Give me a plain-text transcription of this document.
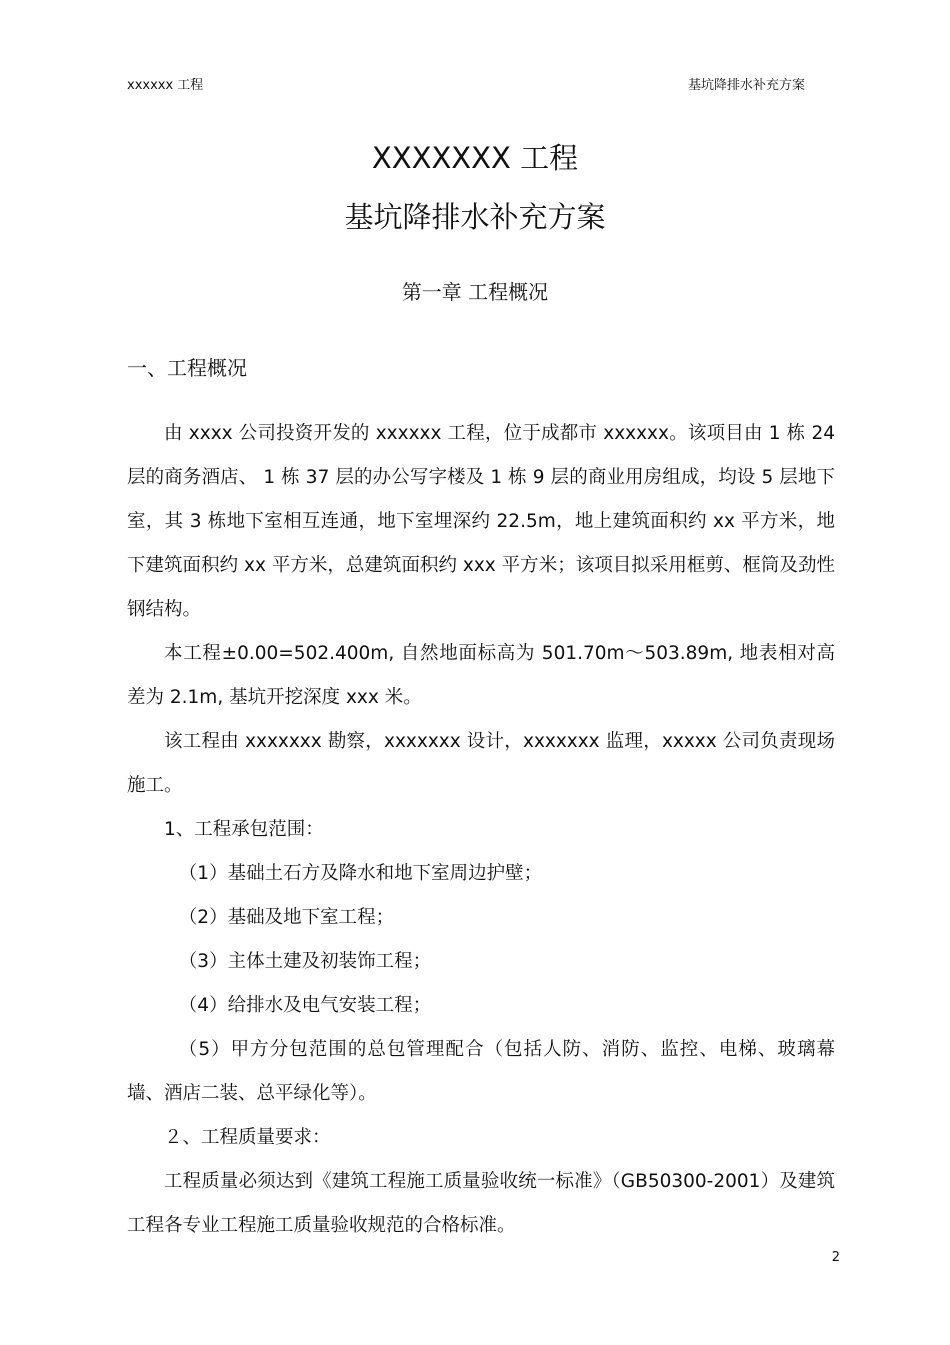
xxxxxx 工程	基坑降排水补充方案
XXXXXXX 工程
基坑降排水补充方案
第一章 工程概况
一、工程概况

由 xxxx 公司投资开发的 xxxxxx 工程，位于成都市 xxxxxx。该项目由 1 栋 24 层的商务酒店、 1 栋 37 层的办公写字楼及 1 栋 9 层的商业用房组成，均设 5 层地下室，其 3 栋地下室相互连通，地下室埋深约 22.5m，地上建筑面积约 xx 平方米，地下建筑面积约 xx 平方米，总建筑面积约 xxx 平方米；该项目拟采用框剪、框筒及劲性钢结构。

本工程±0.00=502.400m, 自然地面标高为 501.70m～503.89m, 地表相对高差为 2.1m, 基坑开挖深度 xxx 米。

该工程由 xxxxxxx 勘察，xxxxxxx 设计，xxxxxxx 监理，xxxxx 公司负责现场施工。

1、工程承包范围：

（1）基础土石方及降水和地下室周边护壁；

（2）基础及地下室工程；

（3）主体土建及初装饰工程；

（4）给排水及电气安装工程；

（5）甲方分包范围的总包管理配合（包括人防、消防、监控、电梯、玻璃幕墙、酒店二装、总平绿化等）。

２、工程质量要求：

工程质量必须达到《建筑工程施工质量验收统一标准》（GB50300-2001）及建筑工程各专业工程施工质量验收规范的合格标准。

2
